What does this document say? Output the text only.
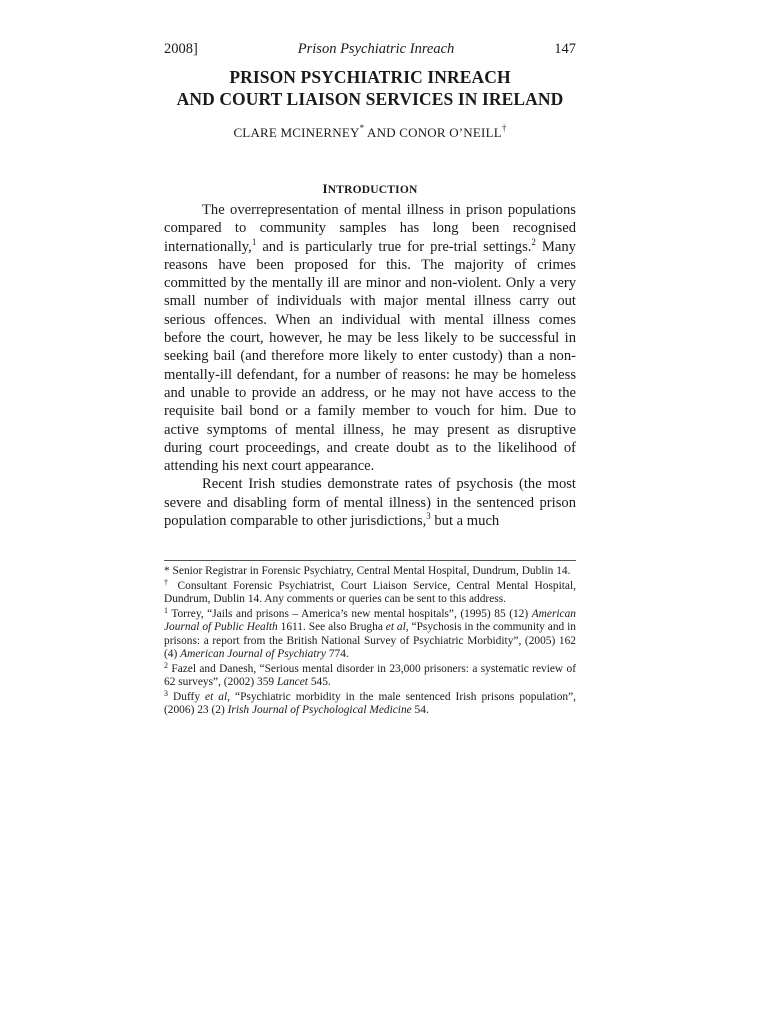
2008]	Prison Psychiatric Inreach	147
PRISON PSYCHIATRIC INREACH
AND COURT LIAISON SERVICES IN IRELAND
CLARE MCINERNEY* AND CONOR O’NEILL†
INTRODUCTION

The overrepresentation of mental illness in prison populations compared to community samples has long been recognised internationally,$^1$ and is particularly true for pre-trial settings.$^2$ Many reasons have been proposed for this. The majority of crimes committed by the mentally ill are minor and non-violent. Only a very small number of individuals with major mental illness carry out serious offences. When an individual with mental illness comes before the court, however, he may be less likely to be successful in seeking bail (and therefore more likely to enter custody) than a non-mentally-ill defendant, for a number of reasons: he may be homeless and unable to provide an address, or he may not have access to the requisite bail bond or a family member to vouch for him. Due to active symptoms of mental illness, he may present as disruptive during court proceedings, and create doubt as to the likelihood of attending his next court appearance.

Recent Irish studies demonstrate rates of psychosis (the most severe and disabling form of mental illness) in the sentenced prison population comparable to other jurisdictions,$^3$ but a much

* Senior Registrar in Forensic Psychiatry, Central Mental Hospital, Dundrum, Dublin 14.

† Consultant Forensic Psychiatrist, Court Liaison Service, Central Mental Hospital, Dundrum, Dublin 14. Any comments or queries can be sent to this address.

$^1$ Torrey, “Jails and prisons – America’s new mental hospitals”, (1995) 85 (12) American Journal of Public Health 1611. See also Brugha et al, “Psychosis in the community and in prisons: a report from the British National Survey of Psychiatric Morbidity”, (2005) 162 (4) American Journal of Psychiatry 774.

$^2$ Fazel and Danesh, “Serious mental disorder in 23,000 prisoners: a systematic review of 62 surveys”, (2002) 359 Lancet 545.

$^3$ Duffy et al, “Psychiatric morbidity in the male sentenced Irish prisons population”, (2006) 23 (2) Irish Journal of Psychological Medicine 54.
